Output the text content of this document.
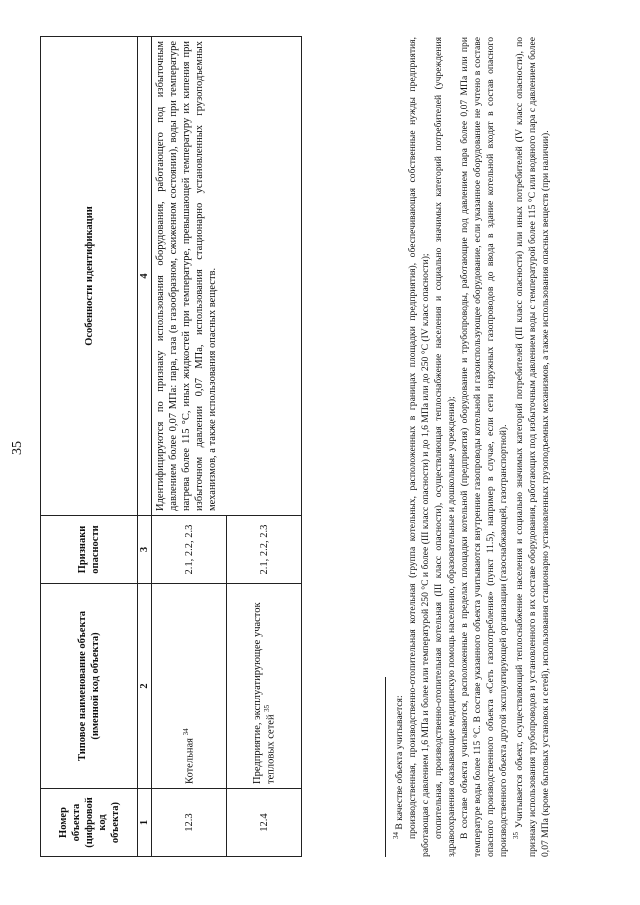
35
Номер объекта (цифровой код объекта)	Типовое наименование объекта (именной код объекта)	Признаки опасности	Особенности идентификации
1	2	3	4
12.3	Котельная $^{34}$	2.1, 2.2, 2.3	Идентифицируются по признаку использования оборудования, работающего под избыточным давлением более 0,07 МПа: пара, газа (в газообразном, сжиженном состоянии), воды при температуре нагрева более 115 °C, иных жидкостей при температуре, превышающей температуру их кипения при избыточном давлении 0,07 МПа, использования стационарно установленных грузоподъемных механизмов, а также использования опасных веществ.
12.4	Предприятие, эксплуатирующее участок тепловых сетей $^{35}$	2.1, 2.2, 2.3	

$^{34}$ В качестве объекта учитывается: производственная, производственно-отопительная котельная (группа котельных, расположенных в границах площадки предприятия), обеспечивающая собственные нужды предприятия, работающая с давлением 1,6 МПа и более или температурой 250 °C и более (III класс опасности) и до 1,6 МПа или до 250 °C (IV класс опасности); отопительная, производственно-отопительная котельная (III класс опасности), осуществляющая теплоснабжение населения и социально значимых категорий потребителей (учреждения здравоохранения оказывающие медицинскую помощь населению, образовательные и дошкольные учреждения); В составе объекта учитываются, расположенные в пределах площадки котельной (предприятия) оборудование и трубопроводы, работающие под давлением пара более 0,07 МПа или при температуре воды более 115 °C. В составе указанного объекта учитываются внутренние газопроводы котельной и газоиспользующее оборудование, если указанное оборудование не учтено в составе опасного производственного объекта «Сеть газопотребления» (пункт 11.5), например в случае, если сети наружных газопроводов до ввода в здание котельной входят в состав опасного производственного объекта другой эксплуатирующей организации (газоснабжающей, газотранспортной). $^{35}$ Учитывается объект, осуществляющий теплоснабжение населения и социально значимых категорий потребителей (III класс опасности) или иных потребителей (IV класс опасности), по признаку использования трубопроводов и установленного в их составе оборудования, работающих под избыточным давлением воды с температурой более 115 °C или водяного пара с давлением более 0,07 МПа (кроме бытовых установок и сетей), использования стационарно установленных грузоподъемных механизмов, а также использования опасных веществ (при наличии).
